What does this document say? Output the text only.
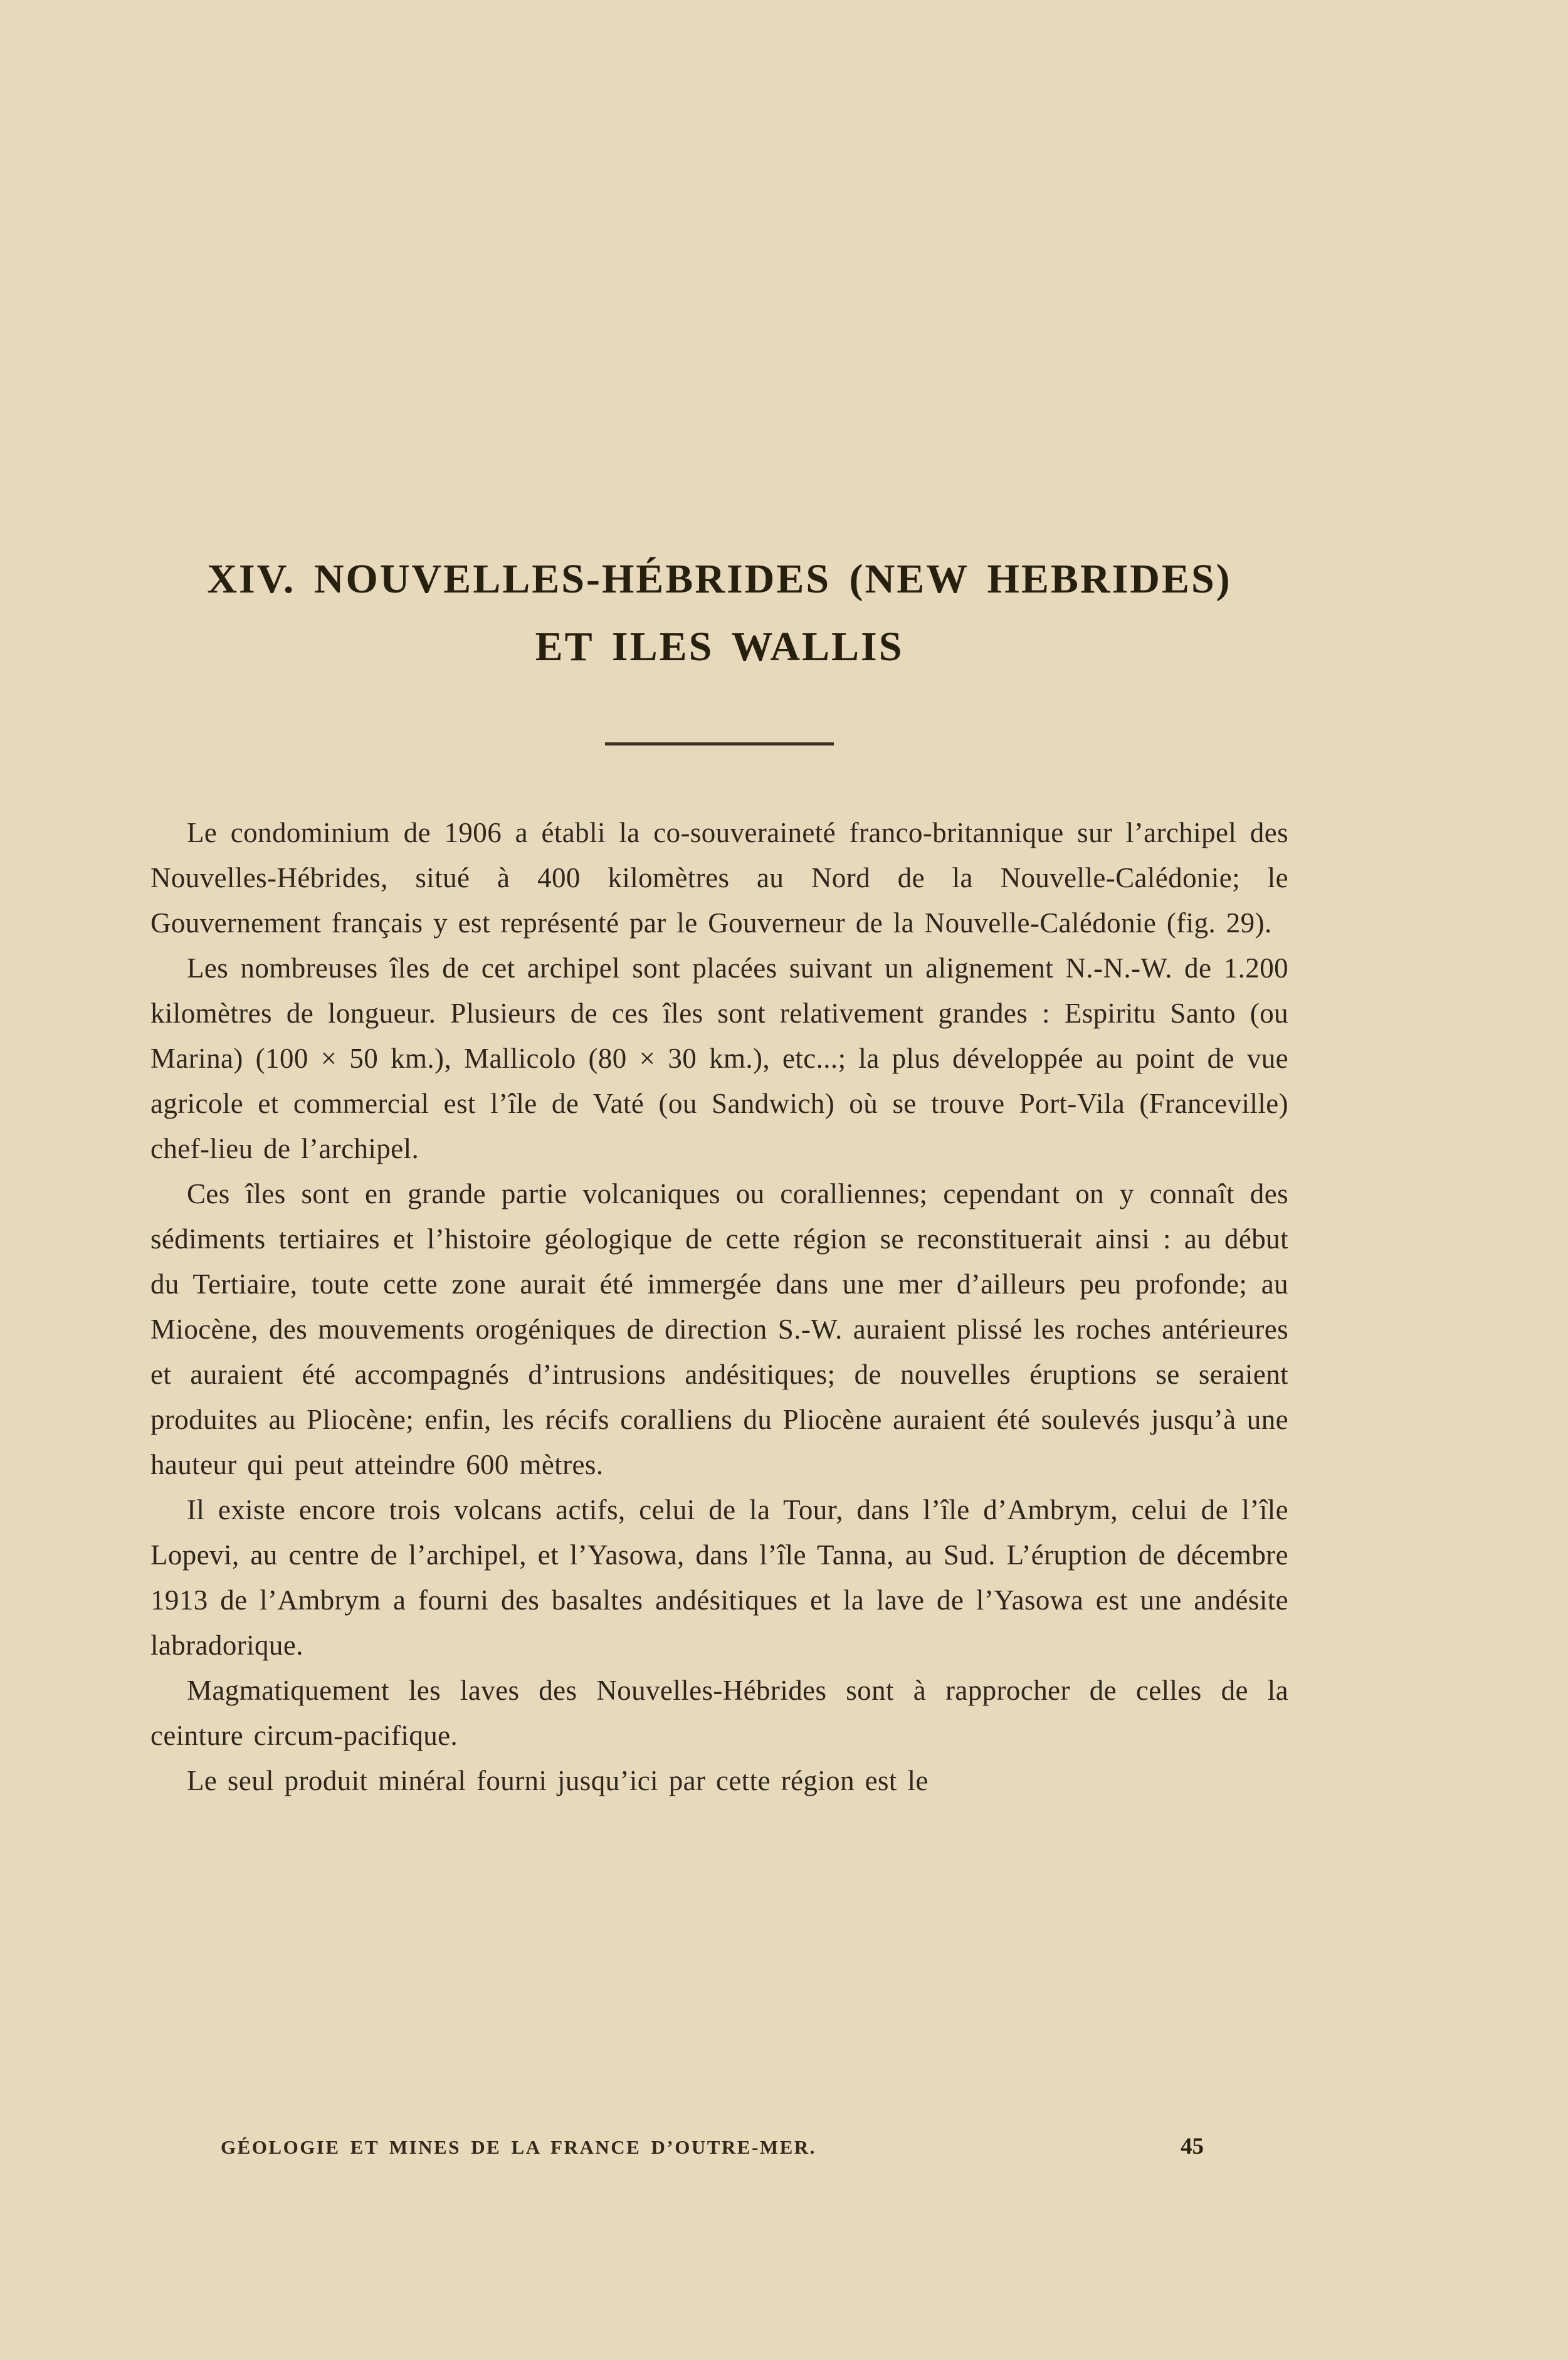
XIV. NOUVELLES-HÉBRIDES (NEW HEBRIDES)
ET ILES WALLIS

Le condominium de 1906 a établi la co-souveraineté franco-britannique sur l’archipel des Nouvelles-Hébrides, situé à 400 kilomètres au Nord de la Nouvelle-Calédonie; le Gouvernement français y est représenté par le Gouverneur de la Nouvelle-Calédonie (fig. 29).

Les nombreuses îles de cet archipel sont placées suivant un alignement N.-N.-W. de 1.200 kilomètres de longueur. Plusieurs de ces îles sont relativement grandes : Espiritu Santo (ou Marina) (100 × 50 km.), Mallicolo (80 × 30 km.), etc...; la plus développée au point de vue agricole et commercial est l’île de Vaté (ou Sandwich) où se trouve Port-Vila (Franceville) chef-lieu de l’archipel.

Ces îles sont en grande partie volcaniques ou coralliennes; cependant on y connaît des sédiments tertiaires et l’histoire géologique de cette région se reconstituerait ainsi : au début du Tertiaire, toute cette zone aurait été immergée dans une mer d’ailleurs peu profonde; au Miocène, des mouvements orogéniques de direction S.-W. auraient plissé les roches antérieures et auraient été accompagnés d’intrusions andésitiques; de nouvelles éruptions se seraient produites au Pliocène; enfin, les récifs coralliens du Pliocène auraient été soulevés jusqu’à une hauteur qui peut atteindre 600 mètres.

Il existe encore trois volcans actifs, celui de la Tour, dans l’île d’Ambrym, celui de l’île Lopevi, au centre de l’archipel, et l’Yasowa, dans l’île Tanna, au Sud. L’éruption de décembre 1913 de l’Ambrym a fourni des basaltes andésitiques et la lave de l’Yasowa est une andésite labradorique.

Magmatiquement les laves des Nouvelles-Hébrides sont à rapprocher de celles de la ceinture circum-pacifique.

Le seul produit minéral fourni jusqu’ici par cette région est le

GÉOLOGIE ET MINES DE LA FRANCE D’OUTRE-MER.	45
